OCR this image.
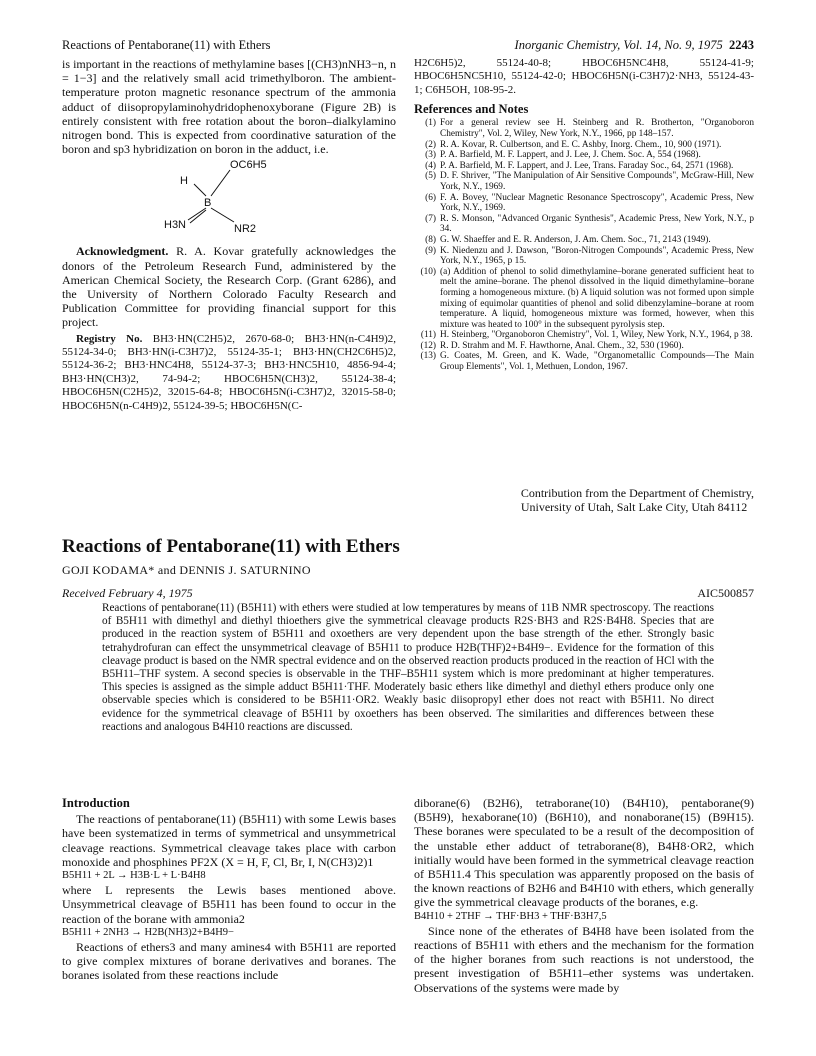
Reactions of Pentaborane(11) with Ethers	Inorganic Chemistry, Vol. 14, No. 9, 1975 2243

is important in the reactions of methylamine bases [(CH3)nNH3−n, n = 1−3] and the relatively small acid trimethylboron. The ambient-temperature proton magnetic resonance spectrum of the ammonia adduct of diisopropylaminohydridophenoxyborane (Figure 2B) is entirely consistent with free rotation about the boron–dialkylamino nitrogen bond. This is expected from coordinative saturation of the boron and sp3 hybridization on boron in the adduct, i.e.

H
OC6H5
B
H3N	NR2

Acknowledgment. R. A. Kovar gratefully acknowledges the donors of the Petroleum Research Fund, administered by the American Chemical Society, the Research Corp. (Grant 6286), and the University of Northern Colorado Faculty Research and Publication Committee for providing financial support for this project.

Registry No. BH3·HN(C2H5)2, 2670-68-0; BH3·HN(n-C4H9)2, 55124-34-0; BH3·HN(i-C3H7)2, 55124-35-1; BH3·HN(CH2C6H5)2, 55124-36-2; BH3·HNC4H8, 55124-37-3; BH3·HNC5H10, 4856-94-4; BH3·HN(CH3)2, 74-94-2; HBOC6H5N(CH3)2, 55124-38-4; HBOC6H5N(C2H5)2, 32015-64-8; HBOC6H5N(i-C3H7)2, 32015-58-0; HBOC6H5N(n-C4H9)2, 55124-39-5; HBOC6H5N(C-

H2C6H5)2, 55124-40-8; HBOC6H5NC4H8, 55124-41-9; HBOC6H5NC5H10, 55124-42-0; HBOC6H5N(i-C3H7)2·NH3, 55124-43-1; C6H5OH, 108-95-2.

References and Notes

(1) For a general review see H. Steinberg and R. Brotherton, "Organoboron Chemistry", Vol. 2, Wiley, New York, N.Y., 1966, pp 148–157.
(2) R. A. Kovar, R. Culbertson, and E. C. Ashby, Inorg. Chem., 10, 900 (1971).
(3) P. A. Barfield, M. F. Lappert, and J. Lee, J. Chem. Soc. A, 554 (1968).
(4) P. A. Barfield, M. F. Lappert, and J. Lee, Trans. Faraday Soc., 64, 2571 (1968).
(5) D. F. Shriver, "The Manipulation of Air Sensitive Compounds", McGraw-Hill, New York, N.Y., 1969.
(6) F. A. Bovey, "Nuclear Magnetic Resonance Spectroscopy", Academic Press, New York, N.Y., 1969.
(7) R. S. Monson, "Advanced Organic Synthesis", Academic Press, New York, N.Y., p 34.
(8) G. W. Shaeffer and E. R. Anderson, J. Am. Chem. Soc., 71, 2143 (1949).
(9) K. Niedenzu and J. Dawson, "Boron-Nitrogen Compounds", Academic Press, New York, N.Y., 1965, p 15.
(10) (a) Addition of phenol to solid dimethylamine–borane generated sufficient heat to melt the amine–borane. The phenol dissolved in the liquid dimethylamine–borane forming a homogeneous mixture. (b) A liquid solution was not formed upon simple mixing of equimolar quantities of phenol and solid dibenzylamine–borane at room temperature. A liquid, homogeneous mixture was formed, however, when this mixture was heated to 100° in the subsequent pyrolysis step.
(11) H. Steinberg, "Organoboron Chemistry", Vol. 1, Wiley, New York, N.Y., 1964, p 38.
(12) R. D. Strahm and M. F. Hawthorne, Anal. Chem., 32, 530 (1960).
(13) G. Coates, M. Green, and K. Wade, "Organometallic Compounds—The Main Group Elements", Vol. 1, Methuen, London, 1967.
Contribution from the Department of Chemistry,
University of Utah, Salt Lake City, Utah 84112
Reactions of Pentaborane(11) with Ethers
GOJI KODAMA* and DENNIS J. SATURNINO
Received February 4, 1975	AIC500857
Reactions of pentaborane(11) (B5H11) with ethers were studied at low temperatures by means of 11B NMR spectroscopy. The reactions of B5H11 with dimethyl and diethyl thioethers give the symmetrical cleavage products R2S·BH3 and R2S·B4H8. Species that are produced in the reaction system of B5H11 and oxoethers are very dependent upon the base strength of the ether. Strongly basic tetrahydrofuran can effect the unsymmetrical cleavage of B5H11 to produce H2B(THF)2+B4H9−. Evidence for the formation of this cleavage product is based on the NMR spectral evidence and on the observed reaction products produced in the reaction of HCl with the B5H11–THF system. A second species is observable in the THF–B5H11 system which is more predominant at higher temperatures. This species is assigned as the simple adduct B5H11·THF. Moderately basic ethers like dimethyl and diethyl ethers produce only one observable species which is considered to be B5H11·OR2. Weakly basic diisopropyl ether does not react with B5H11. No direct evidence for the symmetrical cleavage of B5H11 by oxoethers has been observed. The similarities and differences between these reactions and analogous B4H10 reactions are discussed.

Introduction

The reactions of pentaborane(11) (B5H11) with some Lewis bases have been systematized in terms of symmetrical and unsymmetrical cleavage reactions. Symmetrical cleavage takes place with carbon monoxide and phosphines PF2X (X = H, F, Cl, Br, I, N(CH3)2)1

B5H11 + 2L → H3B·L + L·B4H8

where L represents the Lewis bases mentioned above. Unsymmetrical cleavage of B5H11 has been found to occur in the reaction of the borane with ammonia2

B5H11 + 2NH3 → H2B(NH3)2+B4H9−

Reactions of ethers3 and many amines4 with B5H11 are reported to give complex mixtures of borane derivatives and boranes. The boranes isolated from these reactions include

diborane(6) (B2H6), tetraborane(10) (B4H10), pentaborane(9) (B5H9), hexaborane(10) (B6H10), and nonaborane(15) (B9H15). These boranes were speculated to be a result of the decomposition of the unstable ether adduct of tetraborane(8), B4H8·OR2, which initially would have been formed in the symmetrical cleavage reaction of B5H11.4 This speculation was apparently proposed on the basis of the known reactions of B2H6 and B4H10 with ethers, which generally give the symmetrical cleavage products of the boranes, e.g.

B4H10 + 2THF → THF·BH3 + THF·B3H7,5

Since none of the etherates of B4H8 have been isolated from the reactions of B5H11 with ethers and the mechanism for the formation of the higher boranes from such reactions is not understood, the present investigation of B5H11–ether systems was undertaken. Observations of the systems were made by
